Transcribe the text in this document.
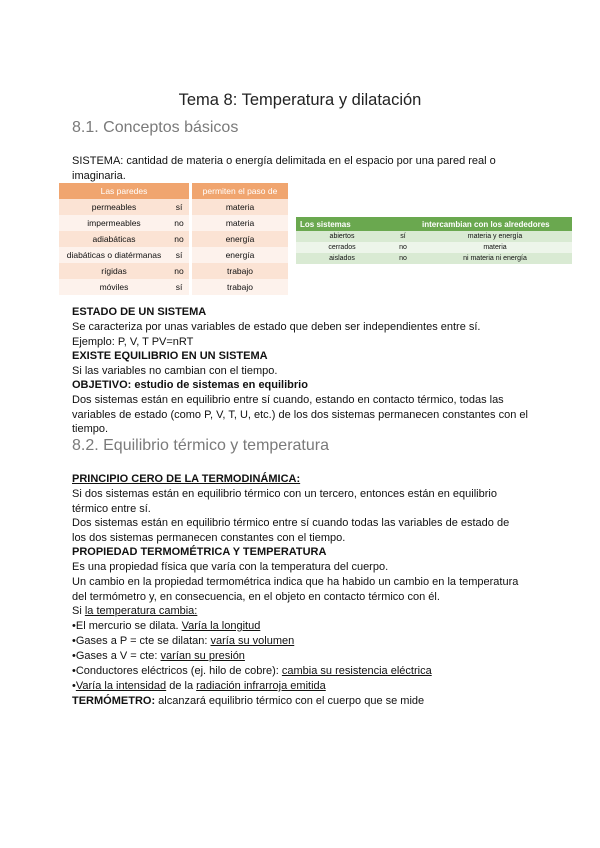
Tema 8: Temperatura y dilatación
8.1. Conceptos básicos
SISTEMA: cantidad de materia o energía delimitada en el espacio por una pared real o imaginaria.
Las paredes			permiten el paso de
permeables	sí		materia
impermeables	no		materia
adiabáticas	no		energía
diabáticas o diatérmanas	sí		energía
rígidas	no		trabajo
móviles	sí		trabajo
Los sistemas		intercambian con los alrededores
abiertos	sí	materia y energía
cerrados	no	materia
aislados	no	ni materia ni energía
ESTADO DE UN SISTEMA
Se caracteriza por unas variables de estado que deben ser independientes entre sí.
Ejemplo: P, V, T PV=nRT
EXISTE EQUILIBRIO EN UN SISTEMA
Si las variables no cambian con el tiempo.
OBJETIVO: estudio de sistemas en equilibrio
Dos sistemas están en equilibrio entre sí cuando, estando en contacto térmico, todas las variables de estado (como P, V, T, U, etc.) de los dos sistemas permanecen constantes con el tiempo.
8.2. Equilibrio térmico y temperatura
PRINCIPIO CERO DE LA TERMODINÁMICA:
Si dos sistemas están en equilibrio térmico con un tercero, entonces están en equilibrio térmico entre sí.
Dos sistemas están en equilibrio térmico entre sí cuando todas las variables de estado de los dos sistemas permanecen constantes con el tiempo.
PROPIEDAD TERMOMÉTRICA Y TEMPERATURA
Es una propiedad física que varía con la temperatura del cuerpo.
Un cambio en la propiedad termométrica indica que ha habido un cambio en la temperatura del termómetro y, en consecuencia, en el objeto en contacto térmico con él.
Si la temperatura cambia:
•El mercurio se dilata. Varía la longitud
•Gases a P = cte se dilatan: varía su volumen
•Gases a V = cte: varían su presión
•Conductores eléctricos (ej. hilo de cobre): cambia su resistencia eléctrica
•Varía la intensidad de la radiación infrarroja emitida
TERMÓMETRO: alcanzará equilibrio térmico con el cuerpo que se mide
